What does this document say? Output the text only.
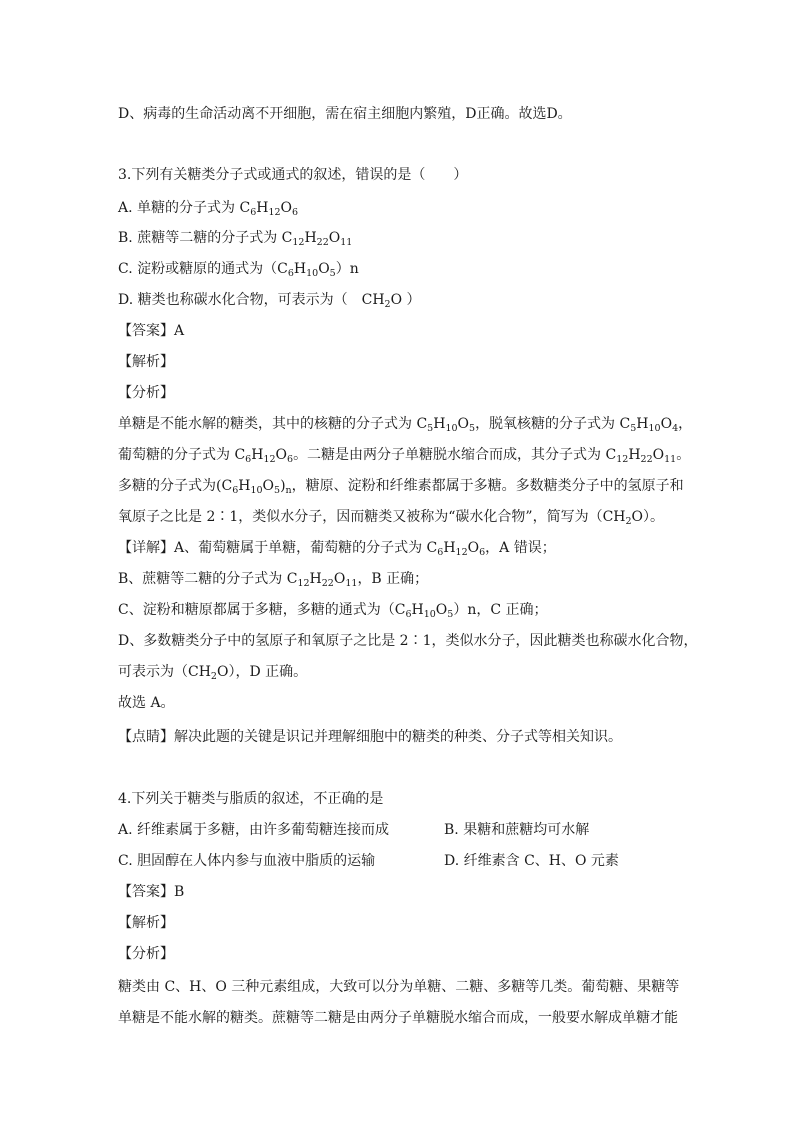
D、病毒的生命活动离不开细胞，需在宿主细胞内繁殖，D正确。故选D。
3.下列有关糖类分子式或通式的叙述，错误的是（　　）
A. 单糖的分子式为 $C_6H_{12}O_6$
B. 蔗糖等二糖的分子式为 $C_{12}H_{22}O_{11}$
C. 淀粉或糖原的通式为$(C_6H_{10}O_5)n$
D. 糖类也称碳水化合物，可表示为（　$CH_2O$ ）
【答案】A
【解析】
【分析】
单糖是不能水解的糖类，其中的核糖的分子式为 $C_5H_{10}O_5$，脱氧核糖的分子式为 $C_5H_{10}O_4$，
葡萄糖的分子式为 $C_6H_{12}O_6$。二糖是由两分子单糖脱水缩合而成，其分子式为 $C_{12}H_{22}O_{11}$。
多糖的分子式为$(C_6H_{10}O_5)_n$，糖原、淀粉和纤维素都属于多糖。多数糖类分子中的氢原子和
氧原子之比是 2∶1，类似水分子，因而糖类又被称为“碳水化合物”，简写为$(CH_2O)$。
【详解】A、葡萄糖属于单糖，葡萄糖的分子式为 $C_6H_{12}O_6$，A 错误；
B、蔗糖等二糖的分子式为 $C_{12}H_{22}O_{11}$，B 正确；
C、淀粉和糖原都属于多糖，多糖的通式为$(C_6H_{10}O_5)n$，C 正确；
D、多数糖类分子中的氢原子和氧原子之比是 2∶1，类似水分子，因此糖类也称碳水化合物，
可表示为$(CH_2O)$，D 正确。
故选 A。
【点睛】解决此题的关键是识记并理解细胞中的糖类的种类、分子式等相关知识。
4.下列关于糖类与脂质的叙述，不正确的是
A. 纤维素属于多糖，由许多葡萄糖连接而成	B. 果糖和蔗糖均可水解
C. 胆固醇在人体内参与血液中脂质的运输	D. 纤维素含 C、H、O 元素
【答案】B
【解析】
【分析】
糖类由 C、H、O 三种元素组成，大致可以分为单糖、二糖、多糖等几类。葡萄糖、果糖等
单糖是不能水解的糖类。蔗糖等二糖是由两分子单糖脱水缩合而成，一般要水解成单糖才能
